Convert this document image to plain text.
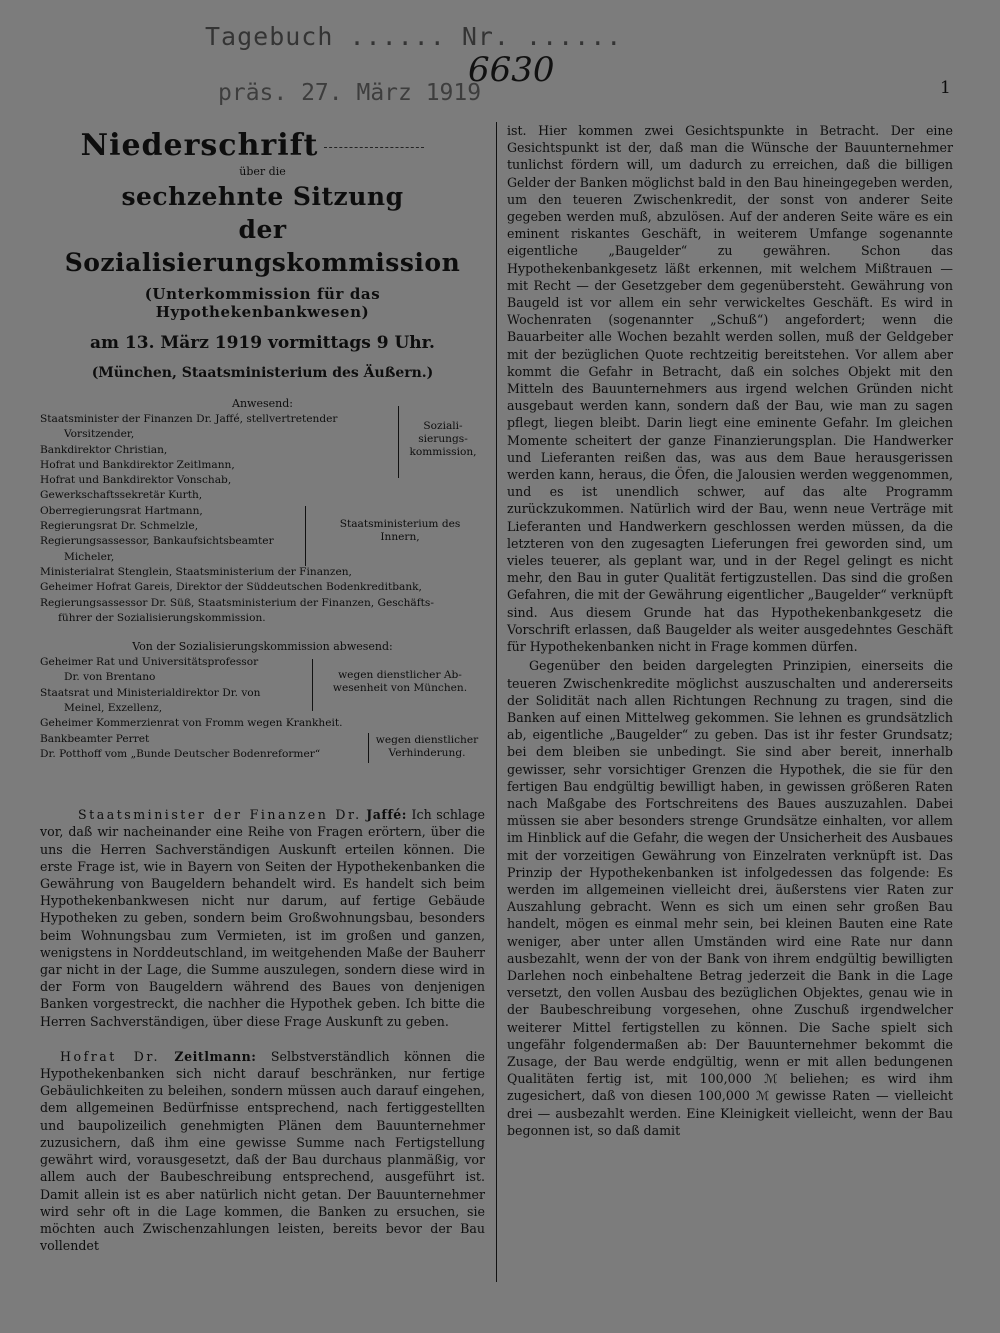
Tagebuch ...... Nr. ......
präs. 27. März 1919
6630	1
Niederschrift
über die
sechzehnte Sitzung
der Sozialisierungskommission
(Unterkommission für das Hypothekenbankwesen)
am 13. März 1919 vormittags 9 Uhr.
(München, Staatsministerium des Äußern.)
Anwesend:
Staatsminister der Finanzen Dr. Jaffé, stellvertretender
Vorsitzender,
Bankdirektor Christian,
Hofrat und Bankdirektor Zeitlmann,
Hofrat und Bankdirektor Vonschab,
Gewerkschaftssekretär Kurth,
Oberregierungsrat Hartmann,
Regierungsrat Dr. Schmelzle,
Regierungsassessor, Bankaufsichtsbeamter
Micheler,
Ministerialrat Stenglein, Staatsministerium der Finanzen,
Geheimer Hofrat Gareis, Direktor der Süddeutschen Bodenkreditbank,
Regierungsassessor Dr. Süß, Staatsministerium der Finanzen, Geschäfts-
führer der Sozialisierungskommission.
Soziali-
sierungs-
kommission,
Staatsministerium des
Innern,
Von der Sozialisierungskommission abwesend:
Geheimer Rat und Universitätsprofessor
Dr. von Brentano
Staatsrat und Ministerialdirektor Dr. von
Meinel, Exzellenz,
Geheimer Kommerzienrat von Fromm wegen Krankheit.
Bankbeamter Perret
Dr. Potthoff vom „Bunde Deutscher Bodenreformer“
wegen dienstlicher Ab-
wesenheit von München.
wegen dienstlicher
Verhinderung.

Staatsminister der Finanzen Dr. Jaffé: Ich schlage vor, daß wir nacheinander eine Reihe von Fragen erörtern, über die uns die Herren Sachverständigen Auskunft erteilen können. Die erste Frage ist, wie in Bayern von Seiten der Hypothekenbanken die Gewährung von Baugeldern behandelt wird. Es handelt sich beim Hypothekenbankwesen nicht nur darum, auf fertige Gebäude Hypotheken zu geben, sondern beim Großwohnungsbau, besonders beim Wohnungsbau zum Vermieten, ist im großen und ganzen, wenigstens in Norddeutschland, im weitgehenden Maße der Bauherr gar nicht in der Lage, die Summe auszulegen, sondern diese wird in der Form von Baugeldern während des Baues von denjenigen Banken vorgestreckt, die nachher die Hypothek geben. Ich bitte die Herren Sachverständigen, über diese Frage Auskunft zu geben.

Hofrat Dr. Zeitlmann: Selbstverständlich können die Hypothekenbanken sich nicht darauf beschränken, nur fertige Gebäulichkeiten zu beleihen, sondern müssen auch darauf eingehen, dem allgemeinen Bedürfnisse entsprechend, nach fertiggestellten und baupolizeilich genehmigten Plänen dem Bauunternehmer zuzusichern, daß ihm eine gewisse Summe nach Fertigstellung gewährt wird, vorausgesetzt, daß der Bau durchaus planmäßig, vor allem auch der Baubeschreibung entsprechend, ausgeführt ist. Damit allein ist es aber natürlich nicht getan. Der Bauunternehmer wird sehr oft in die Lage kommen, die Banken zu ersuchen, sie möchten auch Zwischenzahlungen leisten, bereits bevor der Bau vollendet

ist. Hier kommen zwei Gesichtspunkte in Betracht. Der eine Gesichtspunkt ist der, daß man die Wünsche der Bauunternehmer tunlichst fördern will, um dadurch zu erreichen, daß die billigen Gelder der Banken möglichst bald in den Bau hineingegeben werden, um den teueren Zwischenkredit, der sonst von anderer Seite gegeben werden muß, abzulösen. Auf der anderen Seite wäre es ein eminent riskantes Geschäft, in weiterem Umfange sogenannte eigentliche „Baugelder“ zu gewähren. Schon das Hypothekenbankgesetz läßt erkennen, mit welchem Mißtrauen — mit Recht — der Gesetzgeber dem gegenübersteht. Gewährung von Baugeld ist vor allem ein sehr verwickeltes Geschäft. Es wird in Wochenraten (sogenannter „Schuß“) angefordert; wenn die Bauarbeiter alle Wochen bezahlt werden sollen, muß der Geldgeber mit der bezüglichen Quote rechtzeitig bereitstehen. Vor allem aber kommt die Gefahr in Betracht, daß ein solches Objekt mit den Mitteln des Bauunternehmers aus irgend welchen Gründen nicht ausgebaut werden kann, sondern daß der Bau, wie man zu sagen pflegt, liegen bleibt. Darin liegt eine eminente Gefahr. Im gleichen Momente scheitert der ganze Finanzierungsplan. Die Handwerker und Lieferanten reißen das, was aus dem Baue herausgerissen werden kann, heraus, die Öfen, die Jalousien werden weggenommen, und es ist unendlich schwer, auf das alte Programm zurückzukommen. Natürlich wird der Bau, wenn neue Verträge mit Lieferanten und Handwerkern geschlossen werden müssen, da die letzteren von den zugesagten Lieferungen frei geworden sind, um vieles teuerer, als geplant war, und in der Regel gelingt es nicht mehr, den Bau in guter Qualität fertigzustellen. Das sind die großen Gefahren, die mit der Gewährung eigentlicher „Baugelder“ verknüpft sind. Aus diesem Grunde hat das Hypothekenbankgesetz die Vorschrift erlassen, daß Baugelder als weiter ausgedehntes Geschäft für Hypothekenbanken nicht in Frage kommen dürfen.

Gegenüber den beiden dargelegten Prinzipien, einerseits die teueren Zwischenkredite möglichst auszuschalten und andererseits der Solidität nach allen Richtungen Rechnung zu tragen, sind die Banken auf einen Mittelweg gekommen. Sie lehnen es grundsätzlich ab, eigentliche „Baugelder“ zu geben. Das ist ihr fester Grundsatz; bei dem bleiben sie unbedingt. Sie sind aber bereit, innerhalb gewisser, sehr vorsichtiger Grenzen die Hypothek, die sie für den fertigen Bau endgültig bewilligt haben, in gewissen größeren Raten nach Maßgabe des Fortschreitens des Baues auszuzahlen. Dabei müssen sie aber besonders strenge Grundsätze einhalten, vor allem im Hinblick auf die Gefahr, die wegen der Unsicherheit des Ausbaues mit der vorzeitigen Gewährung von Einzelraten verknüpft ist. Das Prinzip der Hypothekenbanken ist infolgedessen das folgende: Es werden im allgemeinen vielleicht drei, äußerstens vier Raten zur Auszahlung gebracht. Wenn es sich um einen sehr großen Bau handelt, mögen es einmal mehr sein, bei kleinen Bauten eine Rate weniger, aber unter allen Umständen wird eine Rate nur dann ausbezahlt, wenn der von der Bank von ihrem endgültig bewilligten Darlehen noch einbehaltene Betrag jederzeit die Bank in die Lage versetzt, den vollen Ausbau des bezüglichen Objektes, genau wie in der Baubeschreibung vorgesehen, ohne Zuschuß irgendwelcher weiterer Mittel fertigstellen zu können. Die Sache spielt sich ungefähr folgendermaßen ab: Der Bauunternehmer bekommt die Zusage, der Bau werde endgültig, wenn er mit allen bedungenen Qualitäten fertig ist, mit 100,000 ℳ beliehen; es wird ihm zugesichert, daß von diesen 100,000 ℳ gewisse Raten — vielleicht drei — ausbezahlt werden. Eine Kleinigkeit vielleicht, wenn der Bau begonnen ist, so daß damit
